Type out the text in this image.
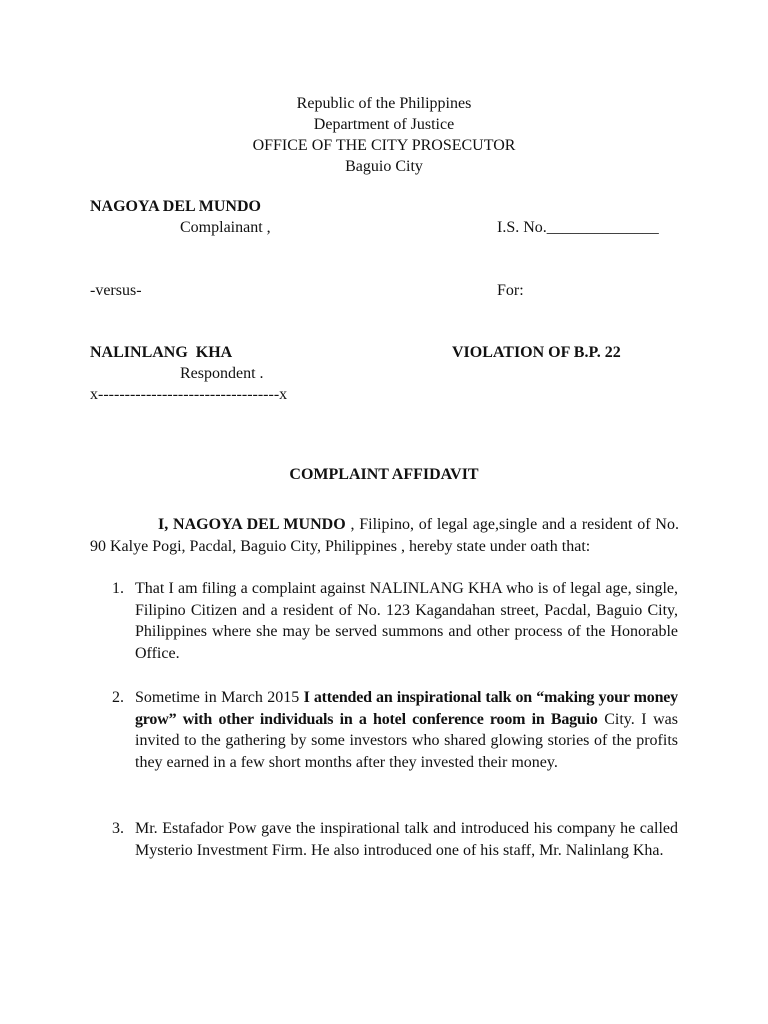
Republic of the Philippines
Department of Justice
OFFICE OF THE CITY PROSECUTOR
Baguio City
NAGOYA DEL MUNDO
Complainant ,	I.S. No.______________
-versus-	For:
NALINLANG  KHA	VIOLATION OF B.P. 22
Respondent .
x----------------------------------x
COMPLAINT AFFIDAVIT
I, NAGOYA DEL MUNDO , Filipino, of legal age,single and a resident of No. 90 Kalye Pogi, Pacdal, Baguio City, Philippines , hereby state under oath that:
1. That I am filing a complaint against NALINLANG KHA who is of legal age, single, Filipino Citizen and a resident of No. 123 Kagandahan street, Pacdal, Baguio City, Philippines where she may be served summons and other process of the Honorable Office.
2. Sometime in March 2015 I attended an inspirational talk on “making your money grow” with other individuals in a hotel conference room in Baguio City. I was invited to the gathering by some investors who shared glowing stories of the profits they earned in a few short months after they invested their money.
3. Mr. Estafador Pow gave the inspirational talk and introduced his company he called Mysterio Investment Firm. He also introduced one of his staff, Mr. Nalinlang Kha.
